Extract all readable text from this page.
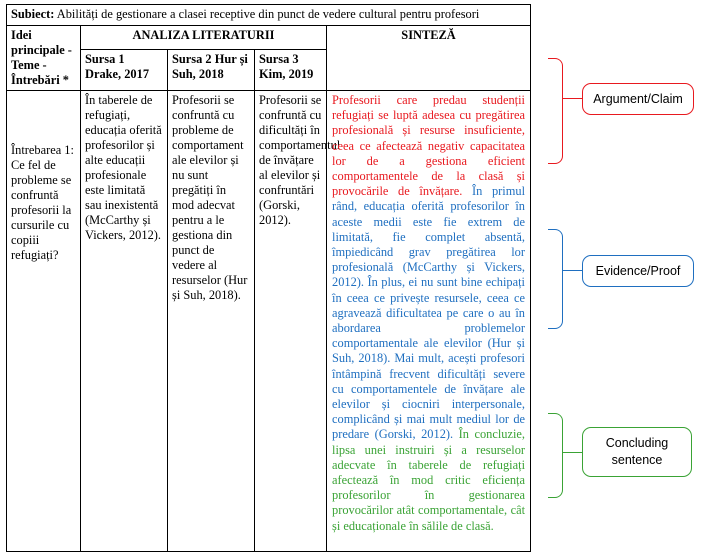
Subiect: Abilități de gestionare a clasei receptive din punct de vedere cultural pentru profesori				
Idei principale - Teme - Întrebări *	ANALIZA LITERATURII			SINTEZĂ
	Sursa 1 Drake, 2017	Sursa 2 Hur și Suh, 2018	Sursa 3 Kim, 2019	
Întrebarea 1: Ce fel de probleme se confruntă profesorii la cursurile cu copiii refugiați?	În taberele de refugiați, educația oferită profesorilor și alte educații profesionale este limitată sau inexistentă (McCarthy și Vickers, 2012).	Profesorii se confruntă cu probleme de comportament ale elevilor și nu sunt pregătiți în mod adecvat pentru a le gestiona din punct de vedere al resurselor (Hur și Suh, 2018).	Profesorii se confruntă cu dificultăți în comportamentul de învățare al elevilor și confruntări (Gorski, 2012).	Profesorii care predau studenții refugiați se luptă adesea cu pregătirea profesională și resurse insuficiente, ceea ce afectează negativ capacitatea lor de a gestiona eficient comportamentele de la clasă și provocările de învățare. În primul rând, educația oferită profesorilor în aceste medii este fie extrem de limitată, fie complet absentă, împiedicând grav pregătirea lor profesională (McCarthy și Vickers, 2012). În plus, ei nu sunt bine echipați în ceea ce privește resursele, ceea ce agravează dificultatea pe care o au în abordarea problemelor comportamentale ale elevilor (Hur și Suh, 2018). Mai mult, acești profesori întâmpină frecvent dificultăți severe cu comportamentele de învățare ale elevilor și ciocniri interpersonale, complicând și mai mult mediul lor de predare (Gorski, 2012). În concluzie, lipsa unei instruiri și a resurselor adecvate în taberele de refugiați afectează în mod critic eficiența profesorilor în gestionarea provocărilor atât comportamentale, cât și educaționale în sălile de clasă.
Argument/Claim
Evidence/Proof
Concluding sentence
